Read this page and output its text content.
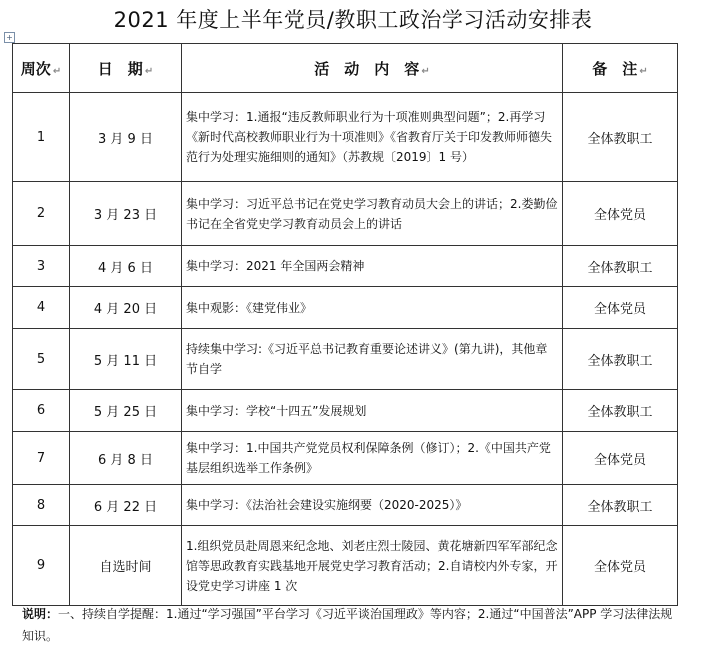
2021 年度上半年党员/教职工政治学习活动安排表
+
周次 ↵	日　期 ↵	活　动　内　容 ↵	备　注 ↵
1	3 月 9 日	集中学习：1.通报“违反教师职业行为十项准则典型问题”；2.再学习《新时代高校教师职业行为十项准则》《省教育厅关于印发教师师德失范行为处理实施细则的通知》（苏教规〔2019〕1 号）	全体教职工
2	3 月 23 日	集中学习：习近平总书记在党史学习教育动员大会上的讲话；2.娄勤俭书记在全省党史学习教育动员会上的讲话	全体党员
3	4 月 6 日	集中学习：2021 年全国两会精神	全体教职工
4	4 月 20 日	集中观影：《建党伟业》	全体党员
5	5 月 11 日	持续集中学习:《习近平总书记教育重要论述讲义》(第九讲)，其他章节自学	全体教职工
6	5 月 25 日	集中学习：学校“十四五”发展规划	全体教职工
7	6 月 8 日	集中学习：1.中国共产党党员权利保障条例（修订）；2.《中国共产党基层组织选举工作条例》	全体党员
8	6 月 22 日	集中学习：《法治社会建设实施纲要（2020-2025）》	全体教职工
9	自选时间	1.组织党员赴周恩来纪念地、刘老庄烈士陵园、黄花塘新四军军部纪念馆等思政教育实践基地开展党史学习教育活动；2.自请校内外专家，开设党史学习讲座 1 次	全体党员
说明：一、持续自学提醒：1.通过“学习强国”平台学习《习近平谈治国理政》等内容；2.通过“中国普法”APP 学习法律法规知识。
